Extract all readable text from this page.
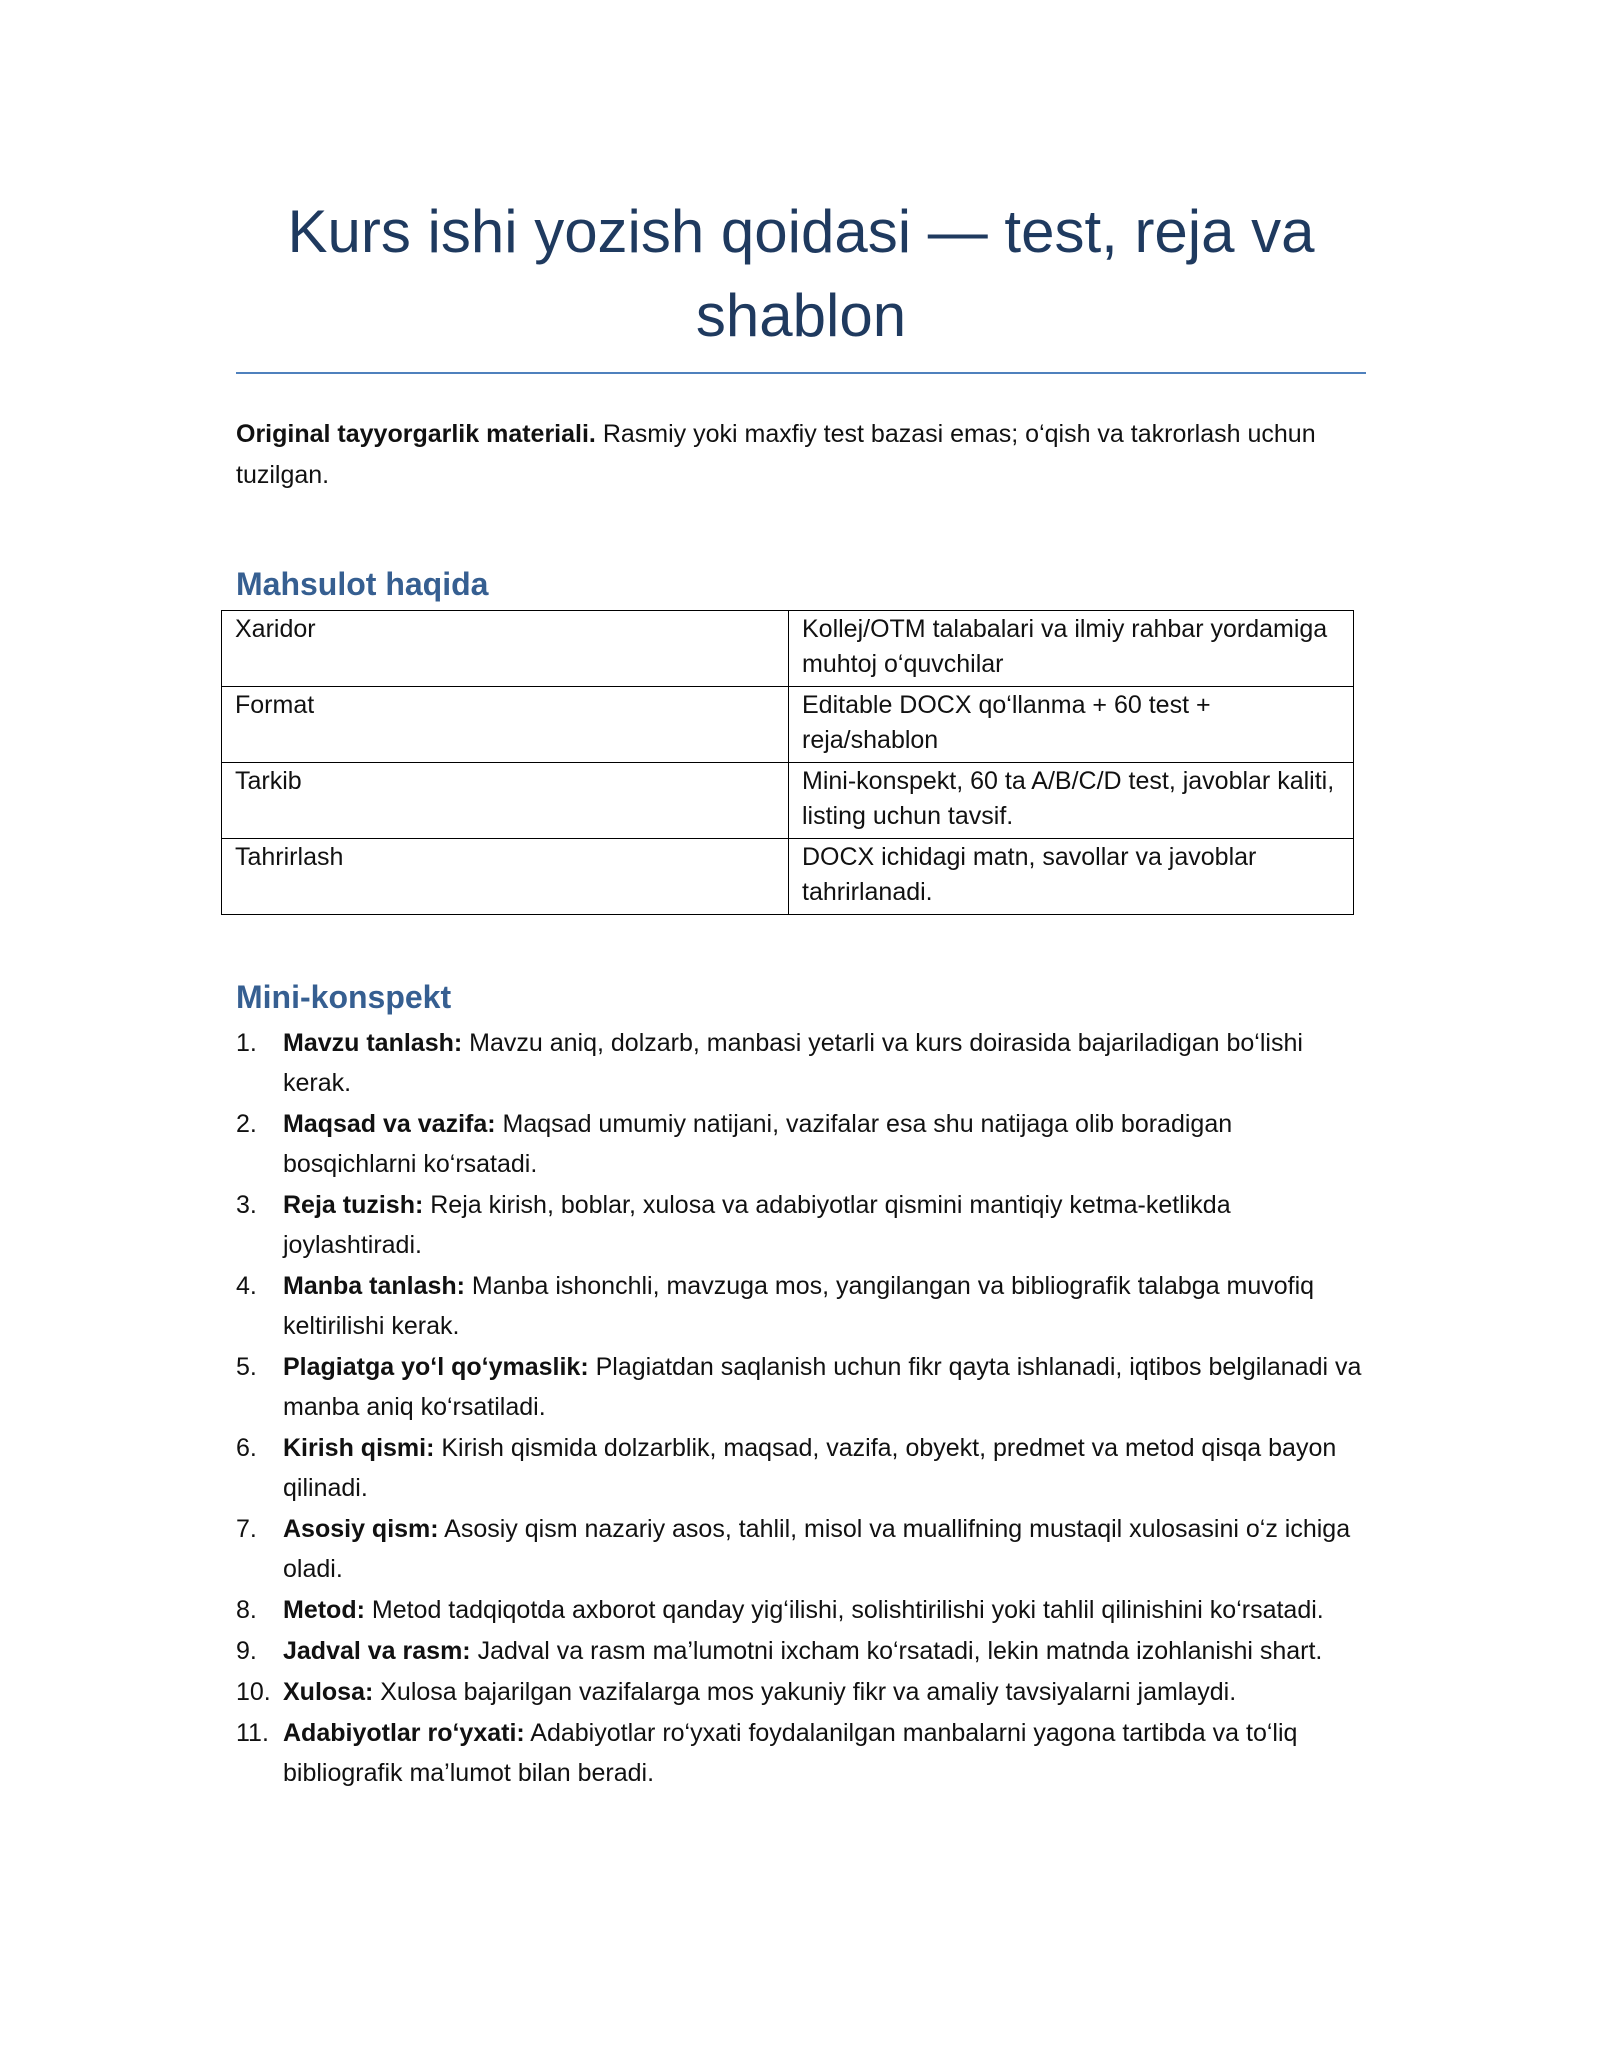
Kurs ishi yozish qoidasi — test, reja va shablon

Original tayyorgarlik materiali. Rasmiy yoki maxfiy test bazasi emas; o‘qish va takrorlash uchun tuzilgan.

Mahsulot haqida
Xaridor	Kollej/OTM talabalari va ilmiy rahbar yordamiga muhtoj o‘quvchilar
Format	Editable DOCX qo‘llanma + 60 test + reja/shablon
Tarkib	Mini-konspekt, 60 ta A/B/C/D test, javoblar kaliti, listing uchun tavsif.
Tahrirlash	DOCX ichidagi matn, savollar va javoblar tahrirlanadi.
Mini-konspekt
1. Mavzu tanlash: Mavzu aniq, dolzarb, manbasi yetarli va kurs doirasida bajariladigan bo‘lishi kerak.
2. Maqsad va vazifa: Maqsad umumiy natijani, vazifalar esa shu natijaga olib boradigan bosqichlarni ko‘rsatadi.
3. Reja tuzish: Reja kirish, boblar, xulosa va adabiyotlar qismini mantiqiy ketma-ketlikda joylashtiradi.
4. Manba tanlash: Manba ishonchli, mavzuga mos, yangilangan va bibliografik talabga muvofiq keltirilishi kerak.
5. Plagiatga yo‘l qo‘ymaslik: Plagiatdan saqlanish uchun fikr qayta ishlanadi, iqtibos belgilanadi va manba aniq ko‘rsatiladi.
6. Kirish qismi: Kirish qismida dolzarblik, maqsad, vazifa, obyekt, predmet va metod qisqa bayon qilinadi.
7. Asosiy qism: Asosiy qism nazariy asos, tahlil, misol va muallifning mustaqil xulosasini o‘z ichiga oladi.
8. Metod: Metod tadqiqotda axborot qanday yig‘ilishi, solishtirilishi yoki tahlil qilinishini ko‘rsatadi.
9. Jadval va rasm: Jadval va rasm ma’lumotni ixcham ko‘rsatadi, lekin matnda izohlanishi shart.
10. Xulosa: Xulosa bajarilgan vazifalarga mos yakuniy fikr va amaliy tavsiyalarni jamlaydi.
11. Adabiyotlar ro‘yxati: Adabiyotlar ro‘yxati foydalanilgan manbalarni yagona tartibda va to‘liq bibliografik ma’lumot bilan beradi.
